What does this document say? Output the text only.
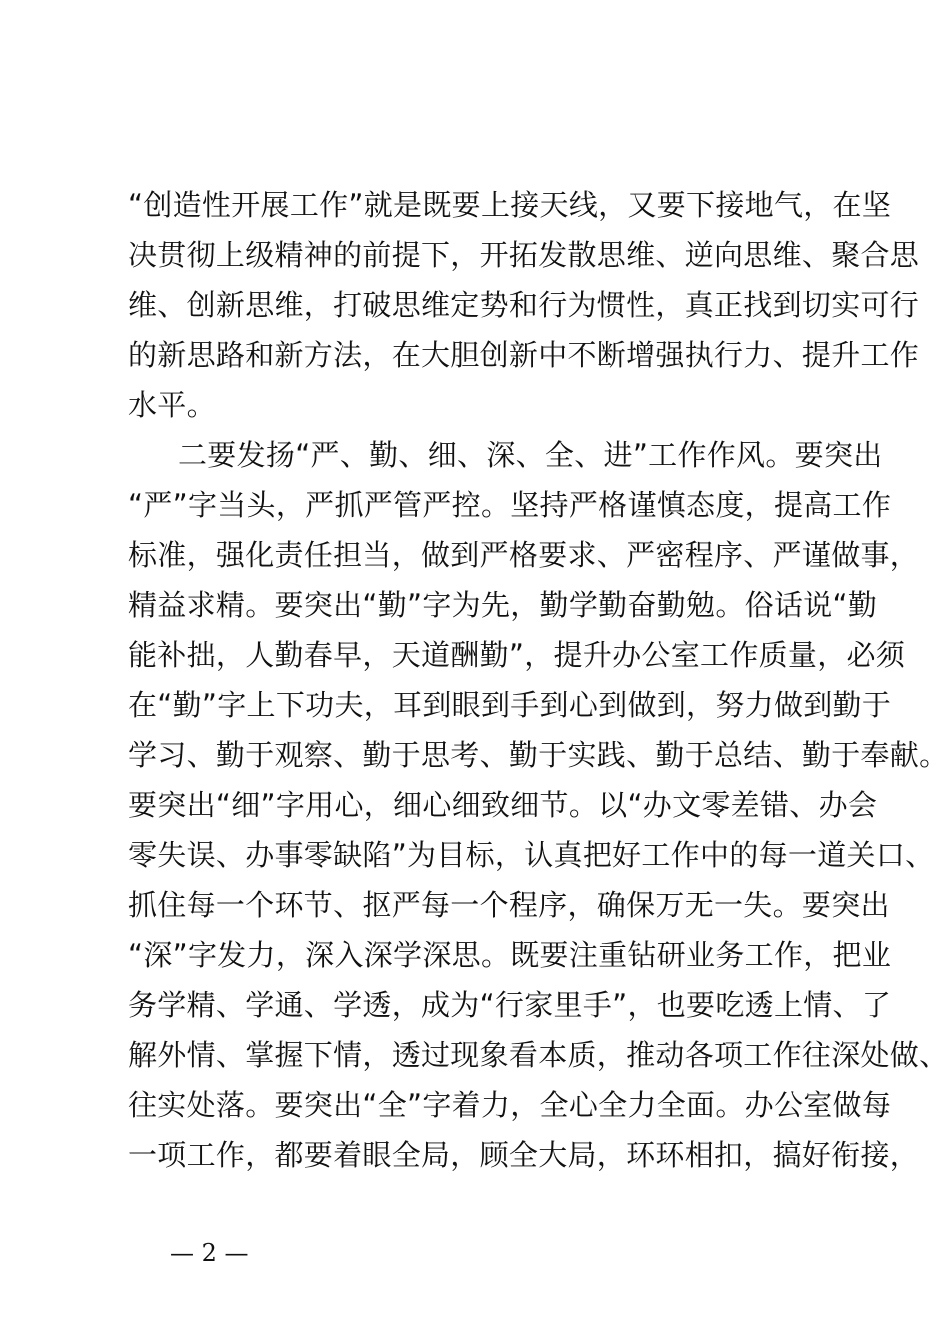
“创造性开展工作”就是既要上接天线，又要下接地气，在坚
决贯彻上级精神的前提下，开拓发散思维、逆向思维、聚合思
维、创新思维，打破思维定势和行为惯性，真正找到切实可行
的新思路和新方法，在大胆创新中不断增强执行力、提升工作
水平。
二要发扬“严、勤、细、深、全、进”工作作风。要突出
“严”字当头，严抓严管严控。坚持严格谨慎态度，提高工作
标准，强化责任担当，做到严格要求、严密程序、严谨做事，
精益求精。要突出“勤”字为先，勤学勤奋勤勉。俗话说“勤
能补拙，人勤春早，天道酬勤”，提升办公室工作质量，必须
在“勤”字上下功夫，耳到眼到手到心到做到，努力做到勤于
学习、勤于观察、勤于思考、勤于实践、勤于总结、勤于奉献。
要突出“细”字用心，细心细致细节。以“办文零差错、办会
零失误、办事零缺陷”为目标，认真把好工作中的每一道关口、
抓住每一个环节、抠严每一个程序，确保万无一失。要突出
“深”字发力，深入深学深思。既要注重钻研业务工作，把业
务学精、学通、学透，成为“行家里手”，也要吃透上情、了
解外情、掌握下情，透过现象看本质，推动各项工作往深处做、
往实处落。要突出“全”字着力，全心全力全面。办公室做每
一项工作，都要着眼全局，顾全大局，环环相扣，搞好衔接，
— 2 —
